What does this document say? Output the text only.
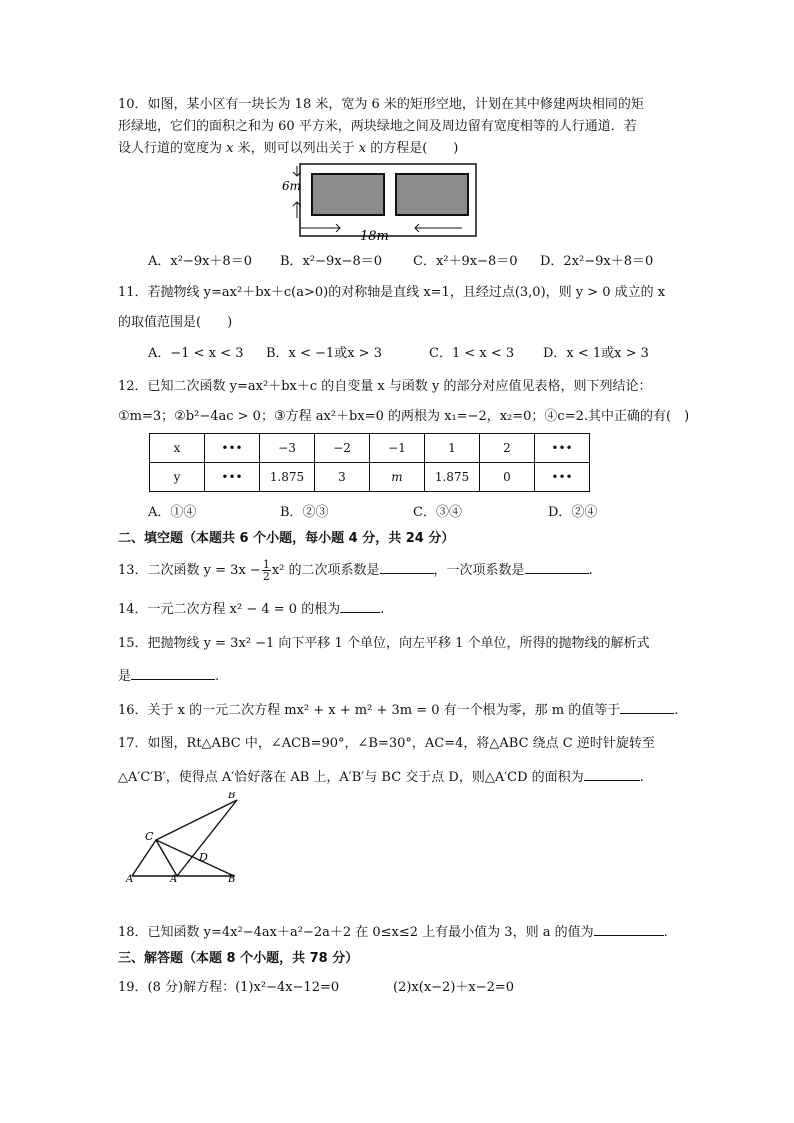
10．如图，某小区有一块长为 18 米，宽为 6 米的矩形空地，计划在其中修建两块相同的矩
形绿地，它们的面积之和为 60 平方米，两块绿地之间及周边留有宽度相等的人行通道．若
设人行道的宽度为 x 米，则可以列出关于 x 的方程是(　　)
6m
18m
A．x²−9x＋8＝0 B．x²−9x−8＝0 C．x²＋9x−8＝0 D．2x²−9x＋8＝0
11．若抛物线 y=ax²＋bx＋c(a>0)的对称轴是直线 x=1，且经过点(3,0)，则 y > 0 成立的 x
的取值范围是(　　)
A．−1 < x < 3 B．x < −1或x > 3	C．1 < x < 3 D．x < 1或x > 3
12．已知二次函数 y=ax²＋bx＋c 的自变量 x 与函数 y 的部分对应值见表格，则下列结论：
①m=3；②b²−4ac > 0；③方程 ax²＋bx=0 的两根为 x₁=−2，x₂=0；④c=2.其中正确的有(　)
x	•••	−3	−2	−1	1	2	•••
y	•••	1.875	3	m	1.875	0	•••
A．①④	B．②③	C．③④	D．②④
二、填空题（本题共 6 个小题，每小题 4 分，共 24 分）
13．二次函数 $y = 3x - \frac{1}{2} x^2$ 的二次项系数是	，一次项系数是	.
14．一元二次方程 x² − 4 = 0 的根为	.
15．把抛物线 y = 3x² −1 向下平移 1 个单位，向左平移 1 个单位，所得的抛物线的解析式
是	.
16．关于 x 的一元二次方程 mx² + x + m² + 3m = 0 有一个根为零，那 m 的值等于	.
17．如图，Rt△ABC 中，∠ACB=90°，∠B=30°，AC=4，将△ABC 绕点 C 逆时针旋转至
△A′C′B′，使得点 A′恰好落在 AB 上，A′B′与 BC 交于点 D，则△A′CD 的面积为	.
B′
C
D
A	A′	B
18．已知函数 y=4x²−4ax＋a²−2a＋2 在 0≤x≤2 上有最小值为 3，则 a 的值为	.
三、解答题（本题 8 个小题，共 78 分）
19．(8 分)解方程：(1)x²−4x−12=0	(2)x(x−2)＋x−2=0
